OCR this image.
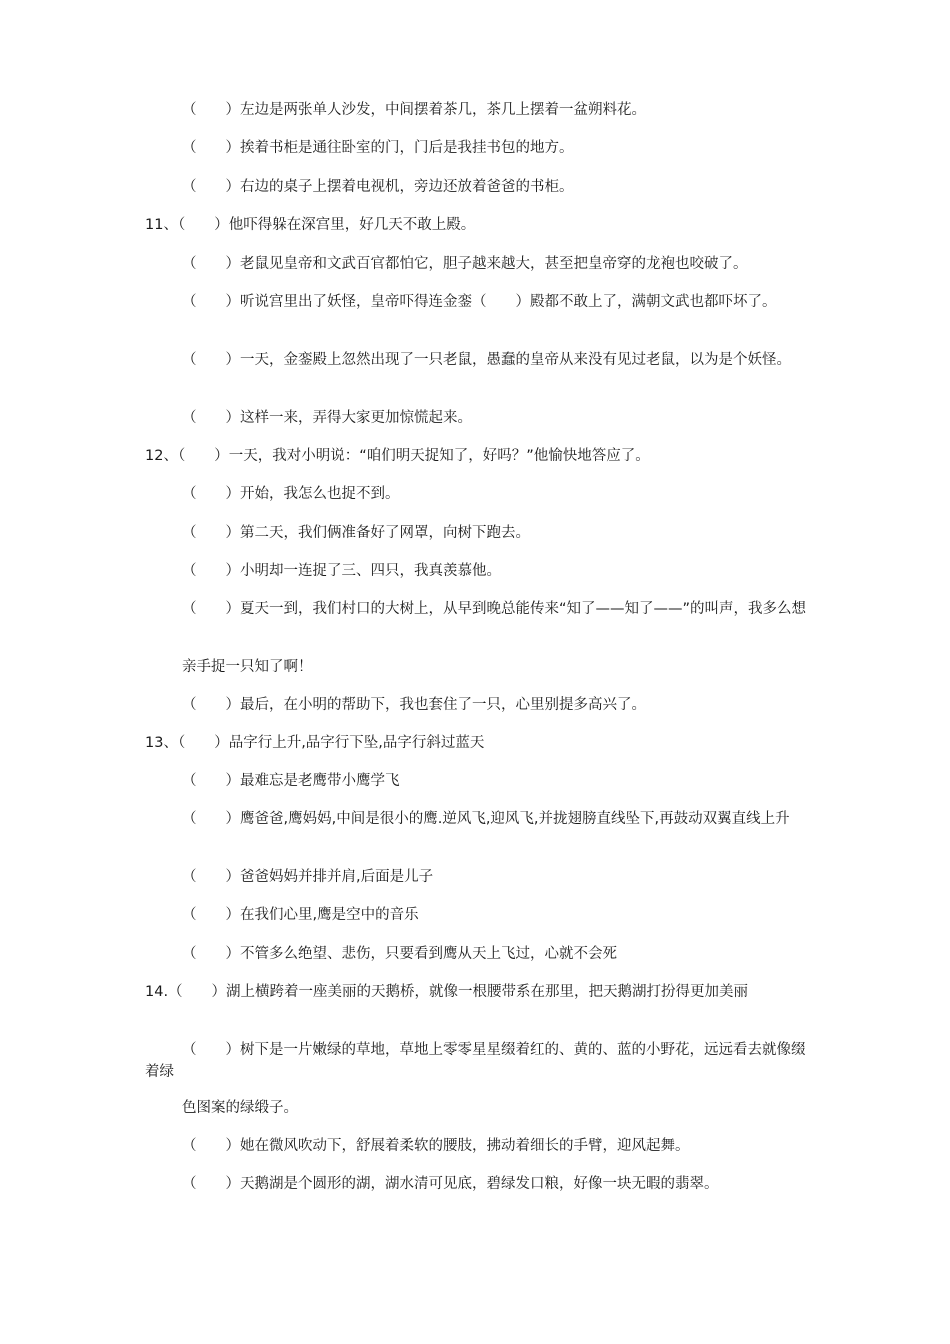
（　　）左边是两张单人沙发，中间摆着茶几，茶几上摆着一盆朔料花。
（　　）挨着书柜是通往卧室的门，门后是我挂书包的地方。
（　　）右边的桌子上摆着电视机，旁边还放着爸爸的书柜。
11、（　　）他吓得躲在深宫里，好几天不敢上殿。
（　　）老鼠见皇帝和文武百官都怕它，胆子越来越大，甚至把皇帝穿的龙袍也咬破了。
（　　）听说宫里出了妖怪，皇帝吓得连金銮（　　）殿都不敢上了，满朝文武也都吓坏了。
（　　）一天，金銮殿上忽然出现了一只老鼠，愚蠢的皇帝从来没有见过老鼠，以为是个妖怪。
（　　）这样一来，弄得大家更加惊慌起来。
12、（　　）一天，我对小明说：“咱们明天捉知了，好吗？”他愉快地答应了。
（　　）开始，我怎么也捉不到。
（　　）第二天，我们俩准备好了网罩，向树下跑去。
（　　）小明却一连捉了三、四只，我真羡慕他。
（　　）夏天一到，我们村口的大树上，从早到晚总能传来“知了——知了——”的叫声，我多么想
亲手捉一只知了啊！
（　　）最后，在小明的帮助下，我也套住了一只，心里别提多高兴了。
13、（　　）品字行上升,品字行下坠,品字行斜过蓝天
（　　）最难忘是老鹰带小鹰学飞
（　　）鹰爸爸,鹰妈妈,中间是很小的鹰.逆风飞,迎风飞,并拢翅膀直线坠下,再鼓动双翼直线上升
（　　）爸爸妈妈并排并肩,后面是儿子
（　　）在我们心里,鹰是空中的音乐
（　　）不管多么绝望、悲伤，只要看到鹰从天上飞过，心就不会死
14.（　　）湖上横跨着一座美丽的天鹅桥，就像一根腰带系在那里，把天鹅湖打扮得更加美丽
（　　）树下是一片嫩绿的草地，草地上零零星星缀着红的、黄的、蓝的小野花，远远看去就像缀着绿
色图案的绿缎子。
（　　）她在微风吹动下，舒展着柔软的腰肢，拂动着细长的手臂，迎风起舞。
（　　）天鹅湖是个圆形的湖，湖水清可见底，碧绿发口粮，好像一块无暇的翡翠。
